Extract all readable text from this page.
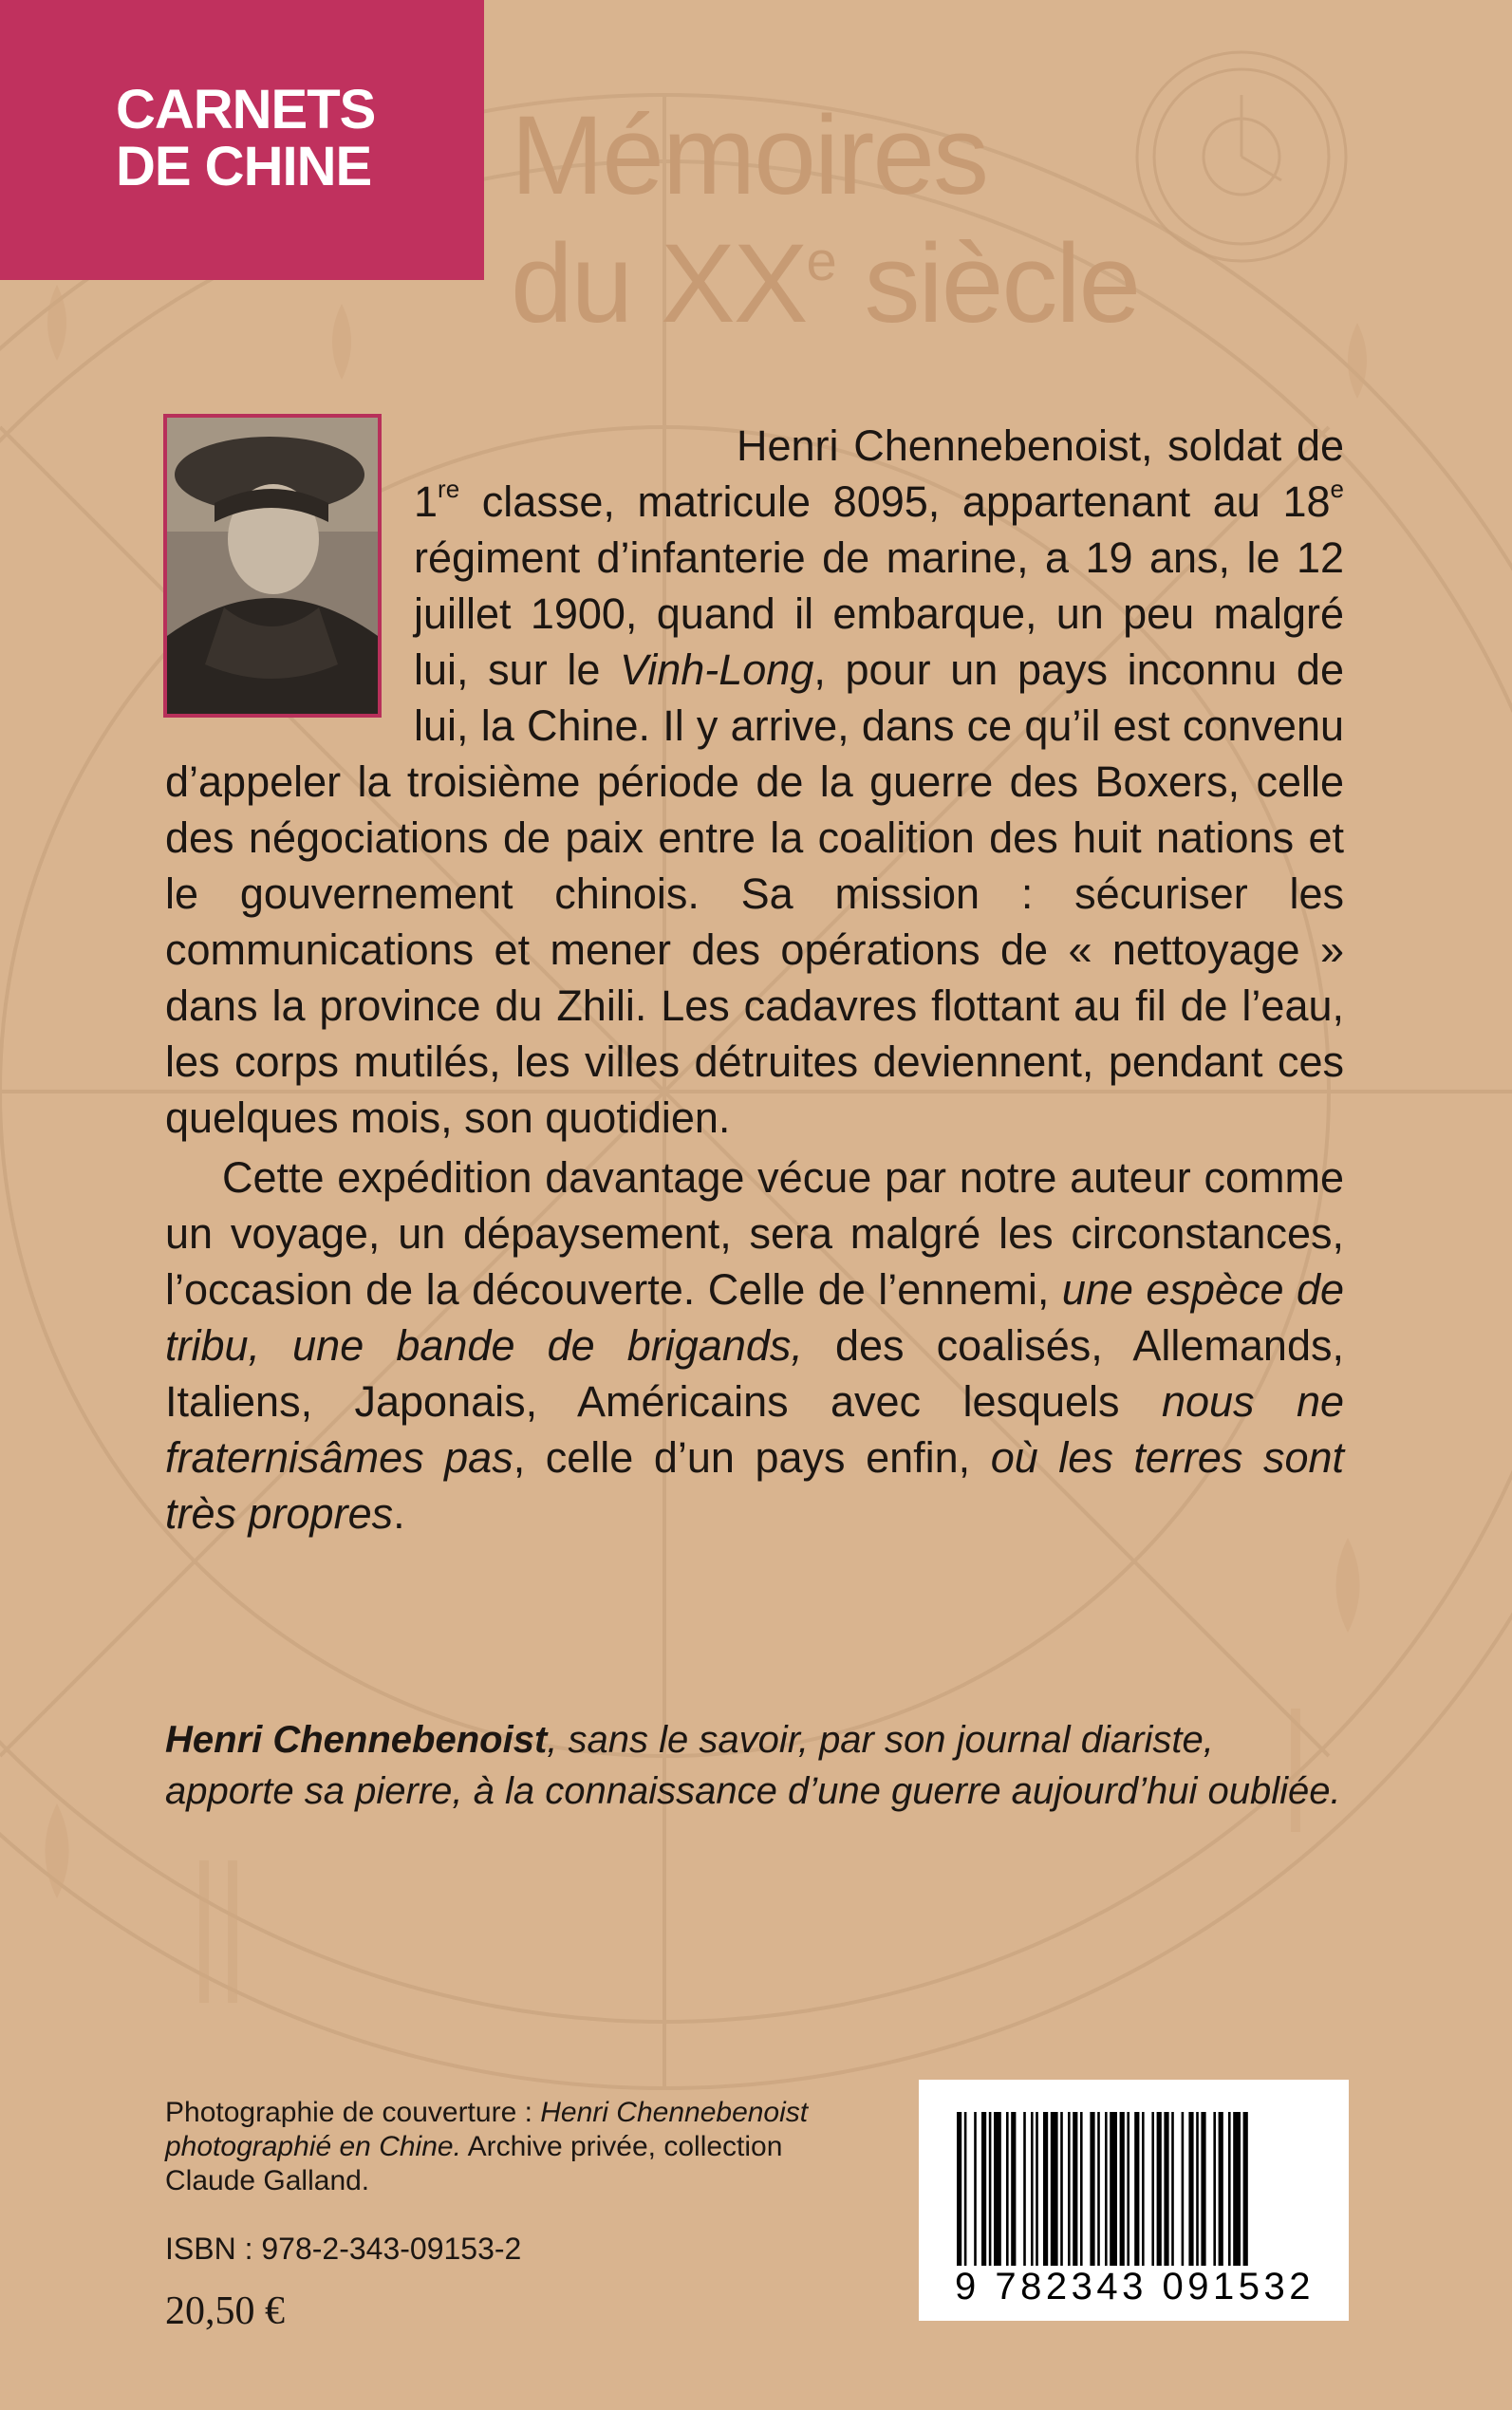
CARNETS
DE CHINE	Mémoires
du XXe siècle

Henri Chennebenoist, soldat de 1re classe, matricule 8095, appartenant au 18e régiment d’infanterie de marine, a 19 ans, le 12 juillet 1900, quand il embarque, un peu malgré lui, sur le Vinh-Long, pour un pays inconnu de lui, la Chine. Il y arrive, dans ce qu’il est convenu d’appeler la troisième période de la guerre des Boxers, celle des négociations de paix entre la coalition des huit nations et le gouvernement chinois. Sa mission : sécuriser les communications et mener des opérations de « nettoyage » dans la province du Zhili. Les cadavres flottant au fil de l’eau, les corps mutilés, les villes détruites deviennent, pendant ces quelques mois, son quotidien.

Cette expédition davantage vécue par notre auteur comme un voyage, un dépaysement, sera malgré les circonstances, l’occasion de la découverte. Celle de l’ennemi, une espèce de tribu, une bande de brigands, des coalisés, Allemands, Italiens, Japonais, Américains avec lesquels nous ne fraternisâmes pas, celle d’un pays enfin, où les terres sont très propres.

Henri Chennebenoist, sans le savoir, par son journal diariste, apporte sa pierre, à la connaissance d’une guerre aujourd’hui oubliée.
Photographie de couverture : Henri Chennebenoist photographié en Chine. Archive privée, collection Claude Galland.
ISBN : 978-2-343-09153-2
20,50 €
9 782343 091532
